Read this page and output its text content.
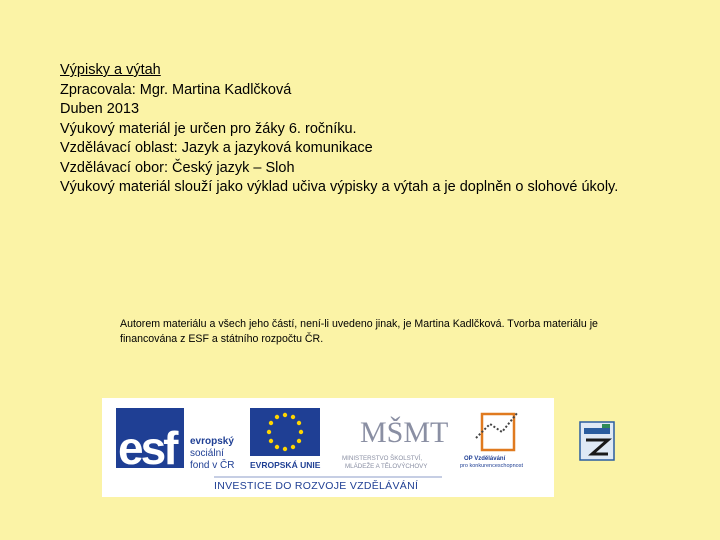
Výpisky a výtah
Zpracovala: Mgr. Martina Kadlčková
Duben 2013
Výukový materiál je určen pro žáky 6. ročníku.
Vzdělávací oblast: Jazyk a jazyková komunikace
Vzdělávací obor: Český jazyk – Sloh
Výukový materiál slouží jako výklad učiva výpisky a výtah a je doplněn o slohové úkoly.
Autorem materiálu a všech jeho částí, není-li uvedeno jinak, je Martina Kadlčková. Tvorba materiálu je financována z ESF a státního rozpočtu ČR.
esf	evropský
sociální
fond v ČR EVROPSKÁ UNIE
MŠMT
MINISTERSTVO ŠKOLSTVÍ,
MLÁDEŽE A TĚLOVÝCHOVY
OP Vzdělávání
pro konkurenceschopnost
INVESTICE DO ROZVOJE VZDĚLÁVÁNÍ
